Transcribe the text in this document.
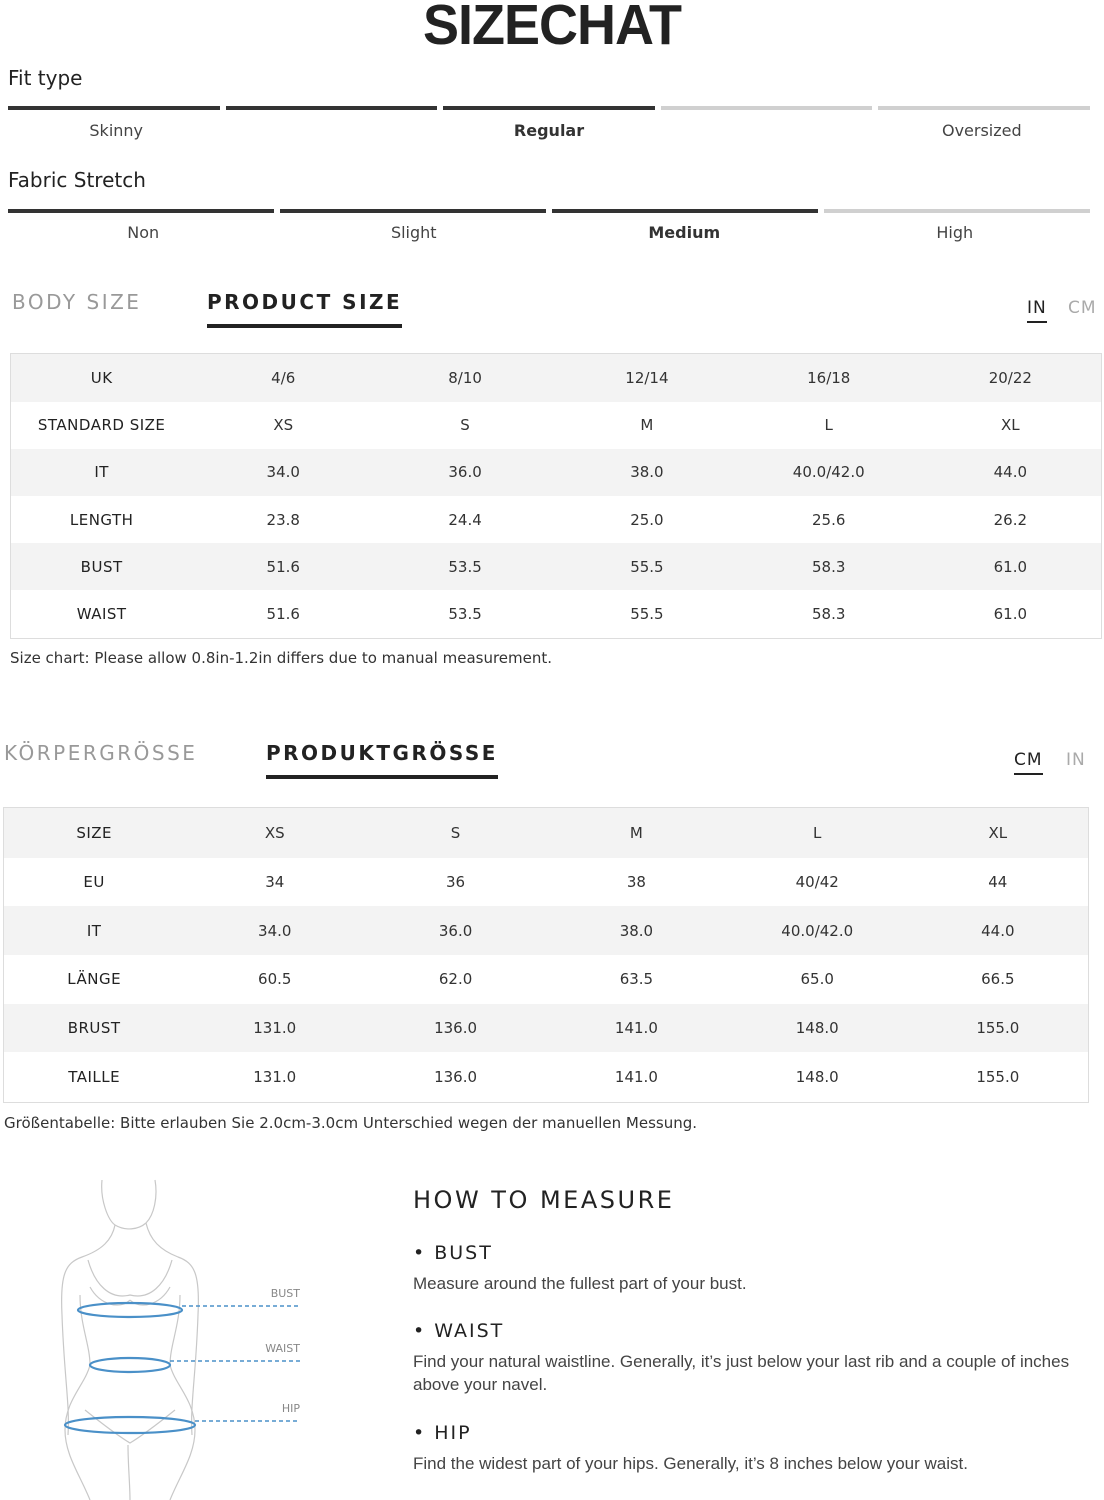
SIZECHAT
Fit type
Skinny	Regular	Oversized
Fabric Stretch
Non	Slight	Medium	High
BODY SIZE	PRODUCT SIZE	IN CM
UK	4/6	8/10	12/14	16/18	20/22
STANDARD SIZE	XS	S	M	L	XL
IT	34.0	36.0	38.0	40.0/42.0	44.0
LENGTH	23.8	24.4	25.0	25.6	26.2
BUST	51.6	53.5	55.5	58.3	61.0
WAIST	51.6	53.5	55.5	58.3	61.0
Size chart: Please allow 0.8in-1.2in differs due to manual measurement.
KÖRPERGRÖSSE	PRODUKTGRÖSSE	CM IN
SIZE	XS	S	M	L	XL
EU	34	36	38	40/42	44
IT	34.0	36.0	38.0	40.0/42.0	44.0
LÄNGE	60.5	62.0	63.5	65.0	66.5
BRUST	131.0	136.0	141.0	148.0	155.0
TAILLE	131.0	136.0	141.0	148.0	155.0
Größentabelle: Bitte erlauben Sie 2.0cm-3.0cm Unterschied wegen der manuellen Messung.
BUST
WAIST
HIP
HOW TO MEASURE
• BUST
Measure around the fullest part of your bust.
• WAIST
Find your natural waistline. Generally, it’s just below your last rib and a couple of inches above your navel.
• HIP
Find the widest part of your hips. Generally, it’s 8 inches below your waist.
